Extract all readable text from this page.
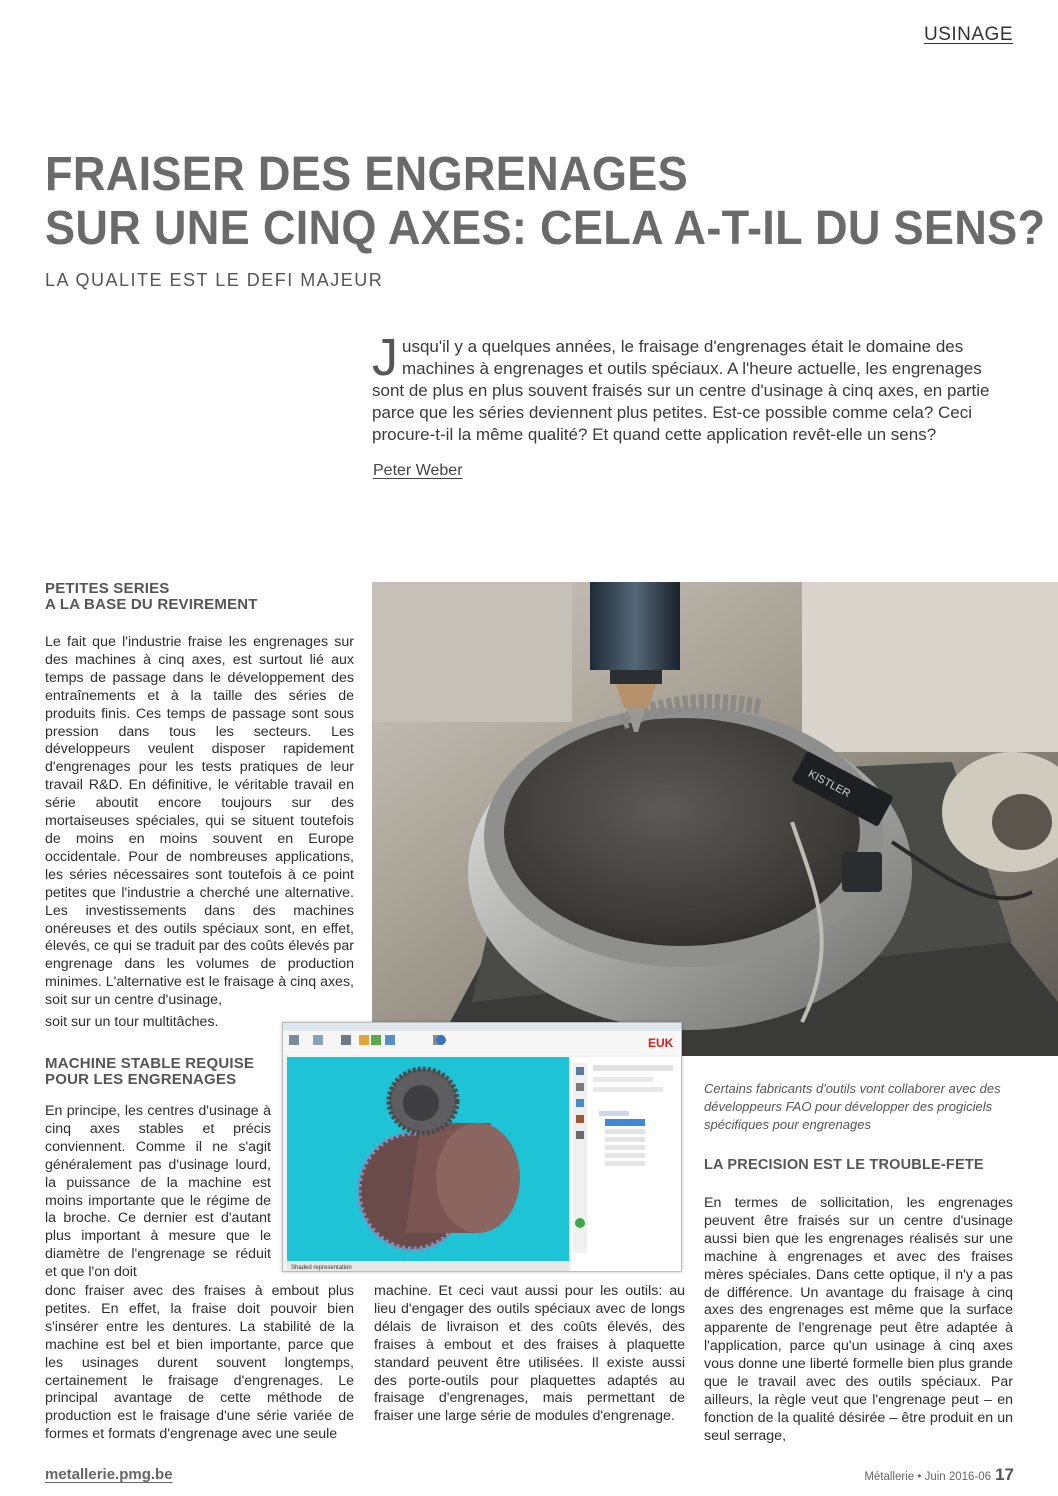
USINAGE
FRAISER DES ENGRENAGES
SUR UNE CINQ AXES: CELA A-T-IL DU SENS?
LA QUALITE EST LE DEFI MAJEUR
Jusqu'il y a quelques années, le fraisage d'engrenages était le domaine des machines à engrenages et outils spéciaux. A l'heure actuelle, les engrenages sont de plus en plus souvent fraisés sur un centre d'usinage à cinq axes, en partie parce que les séries deviennent plus petites. Est-ce possible comme cela? Ceci procure-t-il la même qualité? Et quand cette application revêt-elle un sens?
Peter Weber
PETITES SERIES
A LA BASE DU REVIREMENT
Le fait que l'industrie fraise les engrenages sur des machines à cinq axes, est surtout lié aux temps de passage dans le développement des entraînements et à la taille des séries de produits finis. Ces temps de passage sont sous pression dans tous les secteurs. Les développeurs veulent disposer rapidement d'engrenages pour les tests pratiques de leur travail R&D. En définitive, le véritable travail en série aboutit encore toujours sur des mortaiseuses spéciales, qui se situent toutefois de moins en moins souvent en Europe occidentale. Pour de nombreuses applications, les séries nécessaires sont toutefois à ce point petites que l'industrie a cherché une alternative. Les investissements dans des machines onéreuses et des outils spéciaux sont, en effet, élevés, ce qui se traduit par des coûts élevés par engrenage dans les volumes de production minimes. L'alternative est le fraisage à cinq axes, soit sur un centre d'usinage,
soit sur un tour multitâches.
MACHINE STABLE REQUISE
POUR LES ENGRENAGES
En principe, les centres d'usinage à cinq axes stables et précis conviennent. Comme il ne s'agit généralement pas d'usinage lourd, la puissance de la machine est moins importante que le régime de la broche. Ce dernier est d'autant plus important à mesure que le diamètre de l'engrenage se réduit et que l'on doit
donc fraiser avec des fraises à embout plus petites. En effet, la fraise doit pouvoir bien s'insérer entre les dentures. La stabilité de la machine est bel et bien importante, parce que les usinages durent souvent longtemps, certainement le fraisage d'engrenages. Le principal avantage de cette méthode de production est le fraisage d'une série variée de formes et formats d'engrenage avec une seule
machine. Et ceci vaut aussi pour les outils: au lieu d'engager des outils spéciaux avec de longs délais de livraison et des coûts élevés, des fraises à embout et des fraises à plaquette standard peuvent être utilisées. Il existe aussi des porte-outils pour plaquettes adaptés au fraisage d'engrenages, mais permettant de fraiser une large série de modules d'engrenage.
KISTLER
EUK
Shaded representation
Certains fabricants d'outils vont collaborer avec des développeurs FAO pour développer des progiciels spécifiques pour engrenages
LA PRECISION EST LE TROUBLE-FETE
En termes de sollicitation, les engrenages peuvent être fraisés sur un centre d'usinage aussi bien que les engrenages réalisés sur une machine à engrenages et avec des fraises mères spéciales. Dans cette optique, il n'y a pas de différence. Un avantage du fraisage à cinq axes des engrenages est même que la surface apparente de l'engrenage peut être adaptée à l'application, parce qu'un usinage à cinq axes vous donne une liberté formelle bien plus grande que le travail avec des outils spéciaux. Par ailleurs, la règle veut que l'engrenage peut – en fonction de la qualité désirée – être produit en un seul serrage,
metallerie.pmg.be	Métallerie • Juin 2016-06 17
